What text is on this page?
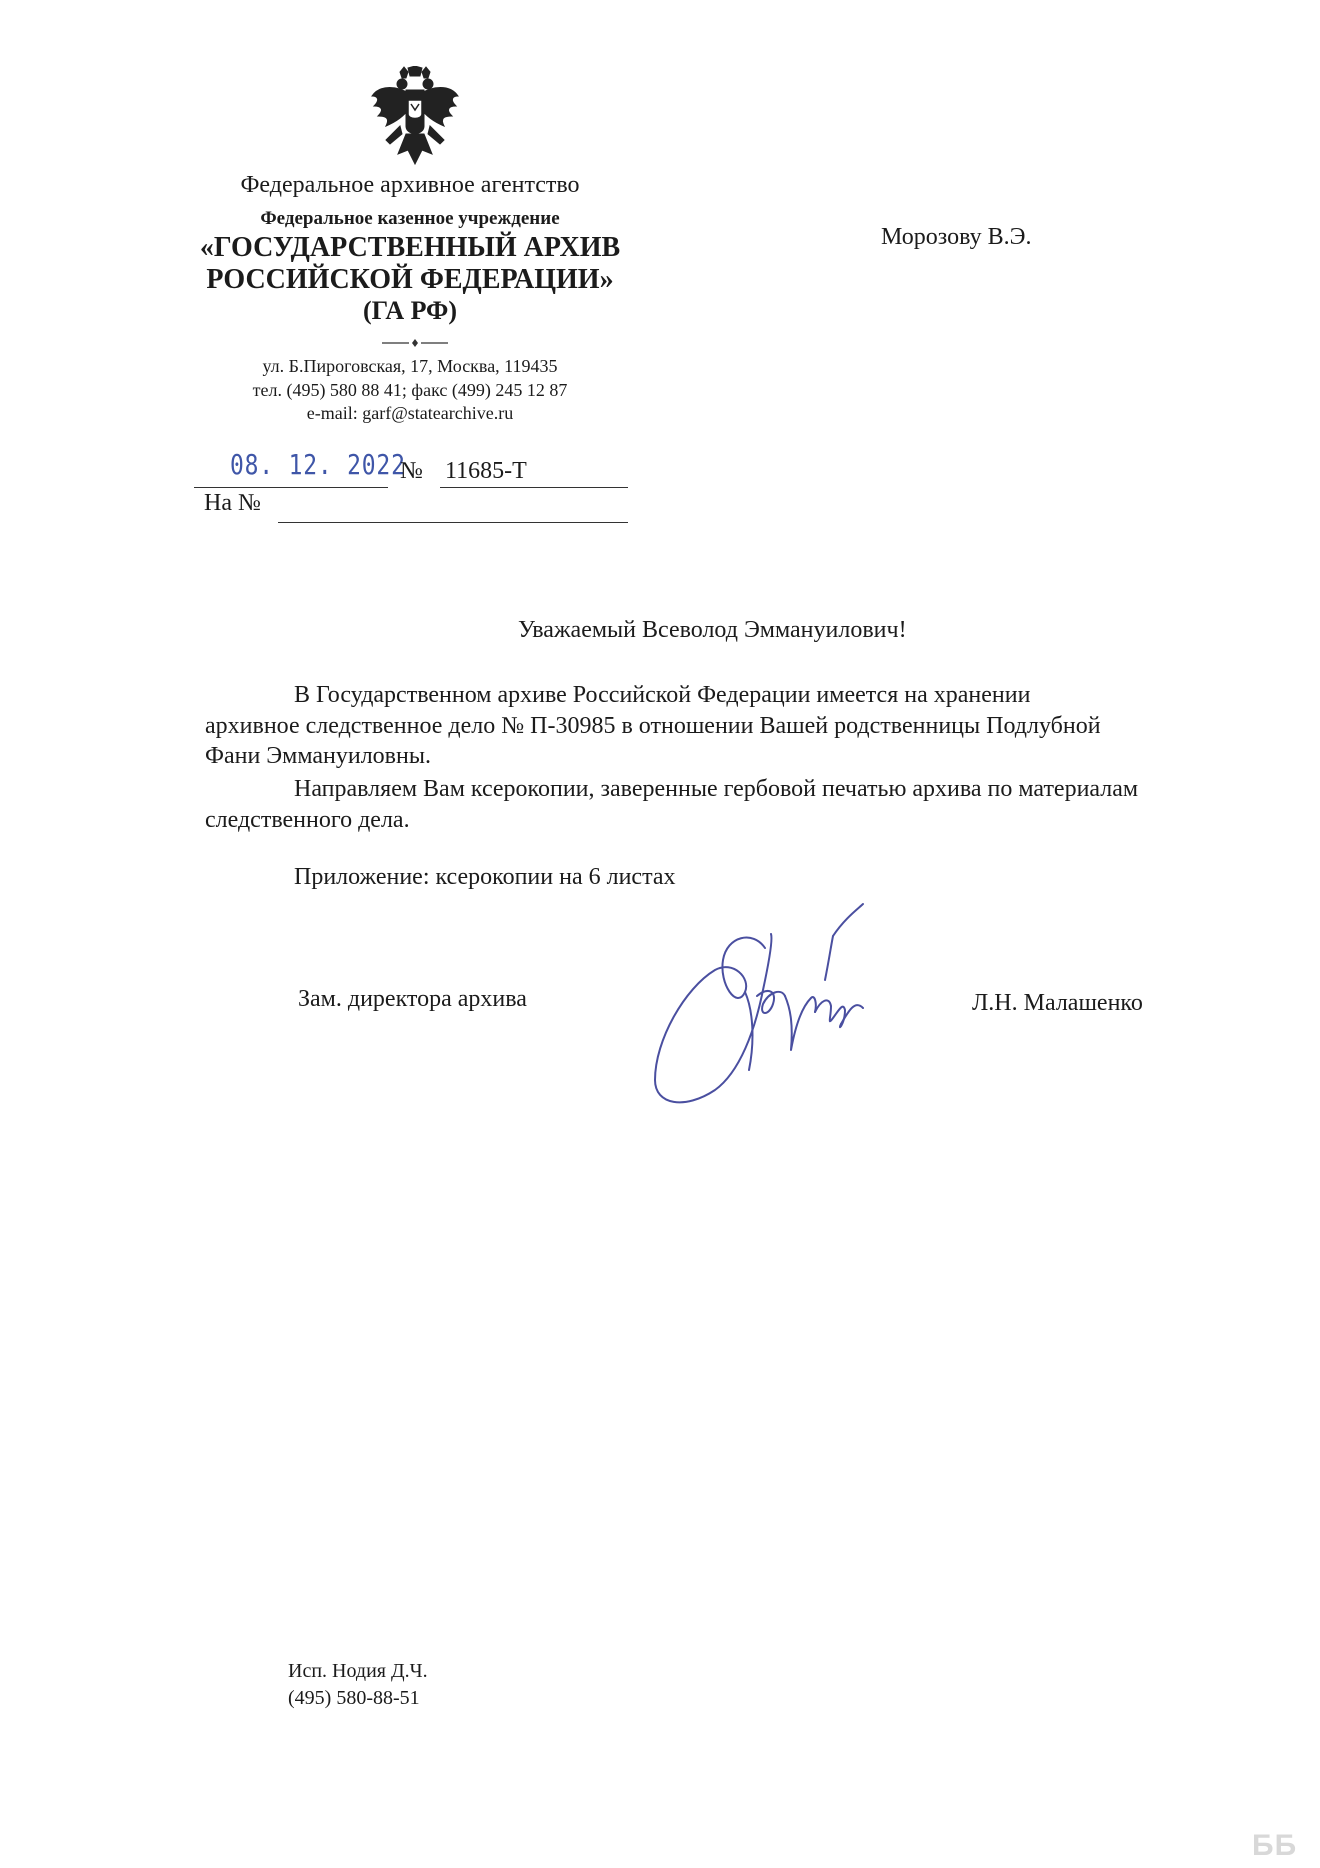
Федеральное архивное агентство
Федеральное казенное учреждение
«ГОСУДАРСТВЕННЫЙ АРХИВ
РОССИЙСКОЙ ФЕДЕРАЦИИ»
(ГА РФ)
ул. Б.Пироговская, 17, Москва, 119435
тел. (495) 580 88 41; факс (499) 245 12 87
e-mail: garf@statearchive.ru
08. 12. 2022
№ 11685-Т
На №
Морозову В.Э.
Уважаемый Всеволод Эммануилович!
В Государственном архиве Российской Федерации имеется на хранении
архивное следственное дело № П-30985 в отношении Вашей родственницы Подлубной
Фани Эммануиловны.
Направляем Вам ксерокопии, заверенные гербовой печатью архива по материалам
следственного дела.
Приложение: ксерокопии на 6 листах
Зам. директора архива	Л.Н. Малашенко
Исп. Нодия Д.Ч.
(495) 580-88-51
ББ
